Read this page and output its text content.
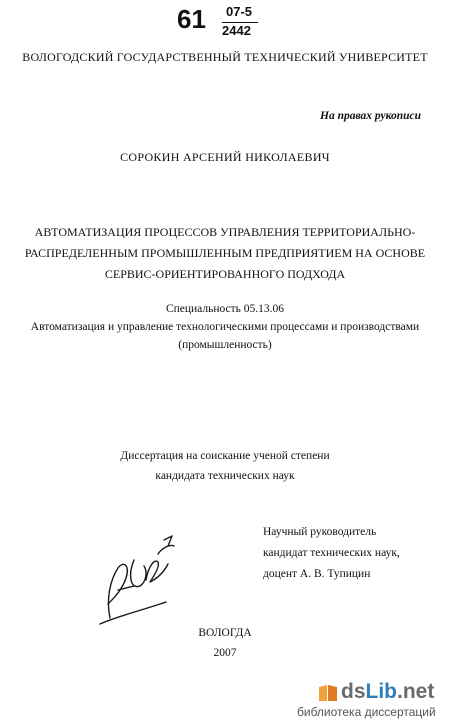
61 07-5
2442
ВОЛОГОДСКИЙ ГОСУДАРСТВЕННЫЙ ТЕХНИЧЕСКИЙ УНИВЕРСИТЕТ
На правах рукописи
СОРОКИН АРСЕНИЙ НИКОЛАЕВИЧ
АВТОМАТИЗАЦИЯ ПРОЦЕССОВ УПРАВЛЕНИЯ ТЕРРИТОРИАЛЬНО-
РАСПРЕДЕЛЕННЫМ ПРОМЫШЛЕННЫМ ПРЕДПРИЯТИЕМ НА ОСНОВЕ
СЕРВИС-ОРИЕНТИРОВАННОГО ПОДХОДА
Специальность 05.13.06
Автоматизация и управление технологическими процессами и производствами
(промышленность)
Диссертация на соискание ученой степени
кандидата технических наук
Научный руководитель
кандидат технических наук,
доцент А. В. Тупицин
ВОЛОГДА
2007
dsLib.net
библиотека диссертаций
